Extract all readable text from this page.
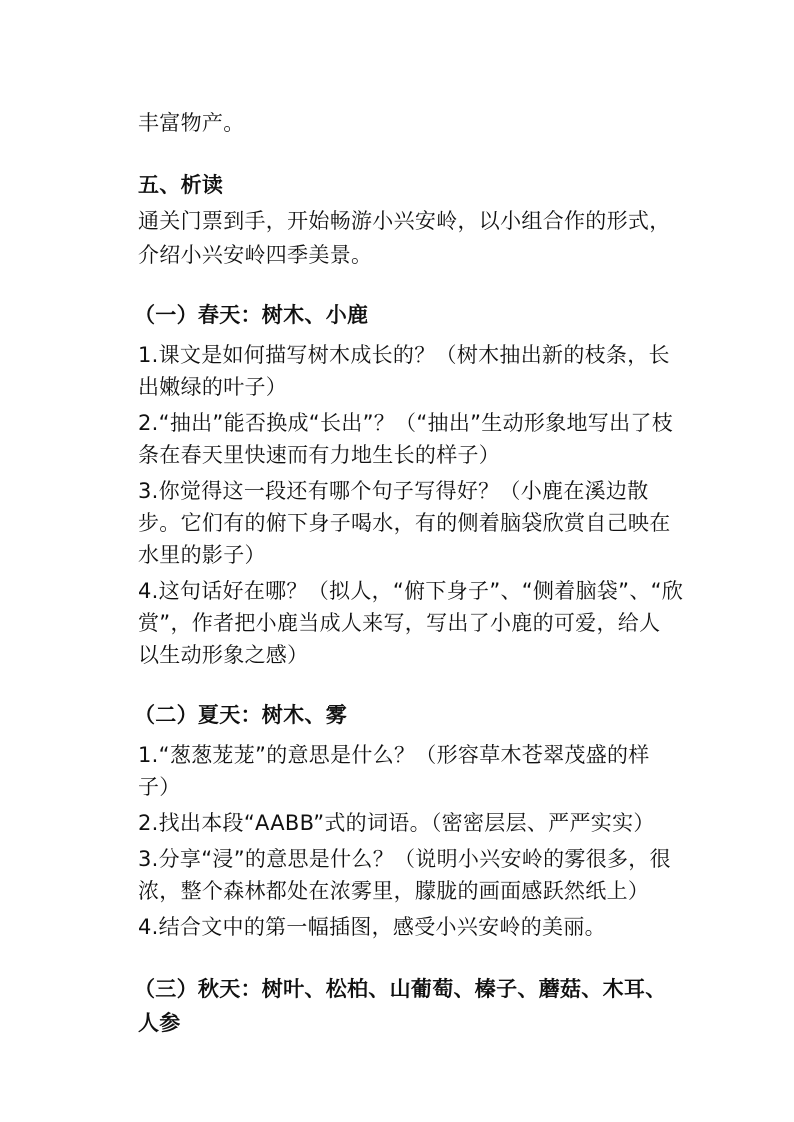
丰富物产。
五、析读
通关门票到手，开始畅游小兴安岭，以小组合作的形式，
介绍小兴安岭四季美景。
（一）春天：树木、小鹿
1.课文是如何描写树木成长的？（树木抽出新的枝条，长
出嫩绿的叶子）
2.“抽出”能否换成“长出”？（“抽出”生动形象地写出了枝
条在春天里快速而有力地生长的样子）
3.你觉得这一段还有哪个句子写得好？（小鹿在溪边散
步。它们有的俯下身子喝水，有的侧着脑袋欣赏自己映在
水里的影子）
4.这句话好在哪？（拟人，“俯下身子”、“侧着脑袋”、“欣
赏”，作者把小鹿当成人来写，写出了小鹿的可爱，给人
以生动形象之感）
（二）夏天：树木、雾
1.“葱葱茏茏”的意思是什么？（形容草木苍翠茂盛的样
子）
2.找出本段“AABB”式的词语。（密密层层、严严实实）
3.分享“浸”的意思是什么？（说明小兴安岭的雾很多，很
浓，整个森林都处在浓雾里，朦胧的画面感跃然纸上）
4.结合文中的第一幅插图，感受小兴安岭的美丽。
（三）秋天：树叶、松柏、山葡萄、榛子、蘑菇、木耳、
人参
